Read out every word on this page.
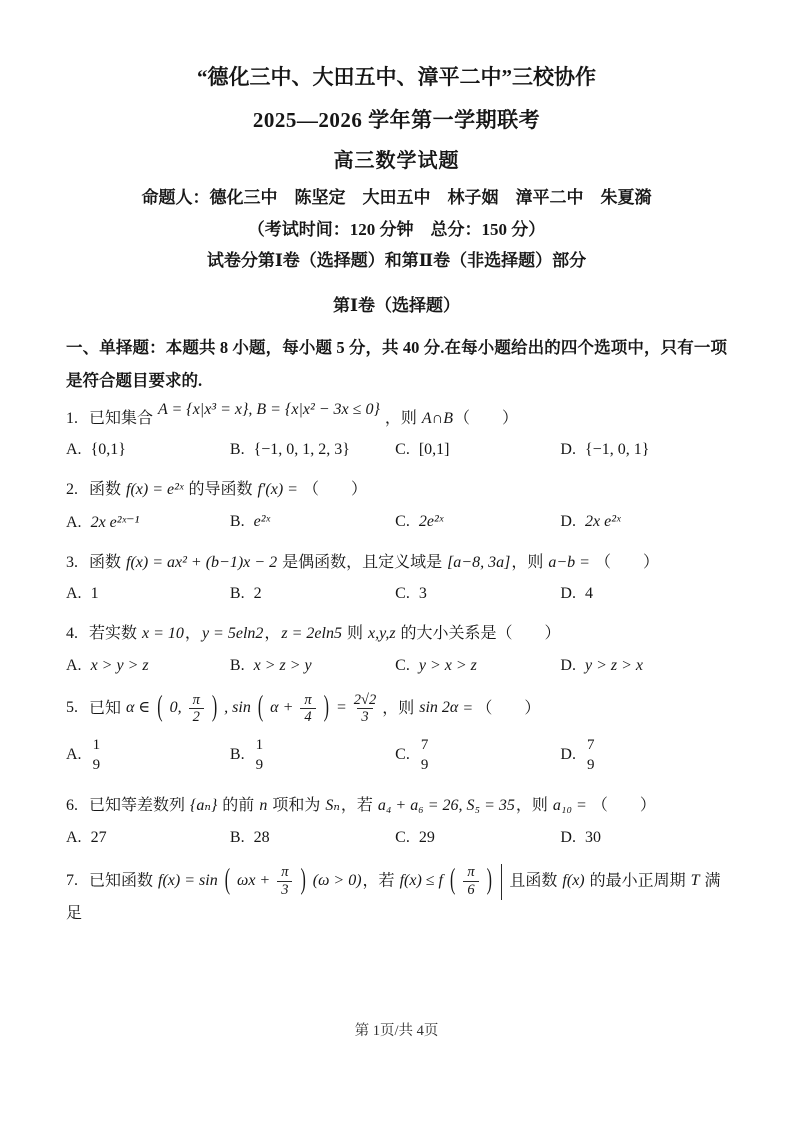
“德化三中、大田五中、漳平二中”三校协作
2025—2026 学年第一学期联考
高三数学试题
命题人：德化三中　陈坚定　大田五中　林子姻　漳平二中　朱夏漪
（考试时间：120 分钟　总分：150 分）
试卷分第Ⅰ卷（选择题）和第Ⅱ卷（非选择题）部分
第Ⅰ卷（选择题）
一、单择题：本题共 8 小题，每小题 5 分，共 40 分.在每小题给出的四个选项中，只有一项是符合题目要求的.
1. 已知集合 A = {x|x³ = x}, B = {x|x² − 3x ≤ 0} ，则 A∩B（　　）
A. {0,1}	B. {−1, 0, 1, 2, 3}	C. [0,1]	D. {−1, 0, 1}
2. 函数 f(x) = e²ˣ 的导函数 f′(x) = （　　）
A. 2x e²ˣ⁻¹	B. e²ˣ	C. 2e²ˣ	D. 2x e²ˣ
3. 函数 f(x) = ax² + (b−1)x − 2 是偶函数，且定义域是 [a−8, 3a]，则 a−b = （　　）
A. 1	B. 2	C. 3	D. 4
4. 若实数 x = 10，y = 5eln2，z = 2eln5 则 x,y,z 的大小关系是（　　）
A. x > y > z	B. x > z > y	C. y > x > z	D. y > z > x
5. 已知 α ∈ ( 0, $\frac{\pi}{2}$ ) , sin ( $\alpha + \frac{\pi}{4}$ ) = $\frac{2√2}{3}$ ，则 sin 2α = （　　）
A.
1
9
B.
1
9
C.
7
9
D.
7
9
6. 已知等差数列 {aₙ} 的前 n 项和为 Sₙ，若 a₄ + a₆ = 26, S₅ = 35，则 a₁₀ = （　　）
A. 27	B. 28	C. 29	D. 30
7. 已知函数 f(x) = sin ( $\omega x + \frac{\pi}{3}$ ) (ω > 0)，若 f(x) ≤ f ( $\frac{\pi}{6}$ )  且函数 f(x) 的最小正周期 T 满足
第 1页/共 4页
